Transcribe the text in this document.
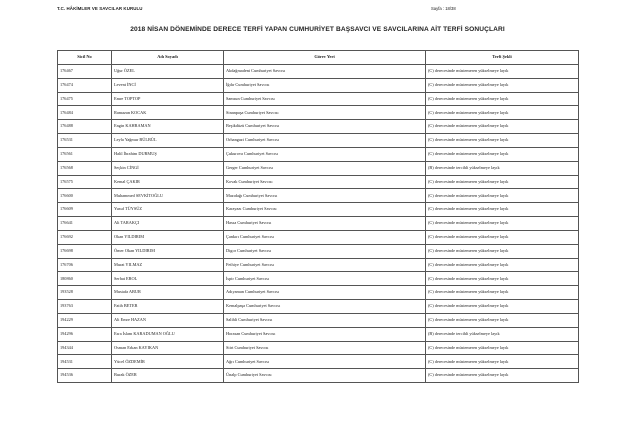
T.C. HÂKİMLER VE SAVCILAR KURULU	Sayfa : 18/38
2018 NİSAN DÖNEMİNDE DERECE TERFİ YAPAN CUMHURİYET BAŞSAVCI VE SAVCILARINA AİT TERFİ SONUÇLARI
Sicil No	Adı Soyadı	Görev Yeri	Terfi Şekli
176467	Uğur ÖZEL	Akdağmadeni Cumhuriyet Savcısı	(C) derecesinde müstemeren yükselmeye layık
176474	Levent İNCİ	İğdır Cumhuriyet Savcısı	(C) derecesinde müstemeren yükselmeye layık
176475	Emre TOPTOP	Samsun Cumhuriyet Savcısı	(C) derecesinde müstemeren yükselmeye layık
176484	Ramazan KOCAK	Sinanpaşa Cumhuriyet Savcısı	(C) derecesinde müstemeren yükselmeye layık
176488	Engin KAHRAMAN	Beşikdüzü Cumhuriyet Savcısı	(C) derecesinde müstemeren yükselmeye layık
176531	Leyla Yağmur BÜLBÜL	Orhangazi Cumhuriyet Savcısı	(C) derecesinde müstemeren yükselmeye layık
176561	Halil İbrahim DURMUŞ	Çukurova Cumhuriyet Savcısı	(C) derecesinde müstemeren yükselmeye layık
176568	Seçkin CİNGİ	Gerger Cumhuriyet Savcısı	(B) derecesinde tercihli yükselmeye layık
176575	Kemal ÇAKIR	Kovak Cumhuriyet Savcısı	(C) derecesinde müstemeren yükselmeye layık
176600	Muhammed SEVKİTOĞLU	Mazıdağı Cumhuriyet Savcısı	(C) derecesinde müstemeren yükselmeye layık
176609	Yusuf TÜYSÜZ	Karayazı Cumhuriyet Savcısı	(C) derecesinde müstemeren yükselmeye layık
176641	Ali TARAKÇI	Hassa Cumhuriyet Savcısı	(C) derecesinde müstemeren yükselmeye layık
176692	Okan YILDIRIM	Çankırı Cumhuriyet Savcısı	(C) derecesinde müstemeren yükselmeye layık
176698	Ömer Okan YILDIRIM	Digor Cumhuriyet Savcısı	(C) derecesinde müstemeren yükselmeye layık
176706	Murat YILMAZ	Fethiye Cumhuriyet Savcısı	(C) derecesinde müstemeren yükselmeye layık
180860	Serhat EROL	İspir Cumhuriyet Savcısı	(C) derecesinde müstemeren yükselmeye layık
193528	Mustafa ABUR	Adıyaman Cumhuriyet Savcısı	(C) derecesinde müstemeren yükselmeye layık
193763	Fatih BETER	Kemalpaşa Cumhuriyet Savcısı	(C) derecesinde müstemeren yükselmeye layık
194229	Ali Emre HAZAN	Salihli Cumhuriyet Savcısı	(C) derecesinde müstemeren yükselmeye layık
194296	Esra İslam KARADUMAN OĞLU	Horasan Cumhuriyet Savcısı	(B) derecesinde tercihli yükselmeye layık
194344	Osman Erkan KAYIKAN	Siirt Cumhuriyet Savcısı	(C) derecesinde müstemeren yükselmeye layık
194531	Yücel ÖZDEMİR	Ağrı Cumhuriyet Savcısı	(C) derecesinde müstemeren yükselmeye layık
194536	Burak ÖZER	Ünalp Cumhuriyet Savcısı	(C) derecesinde müstemeren yükselmeye layık
